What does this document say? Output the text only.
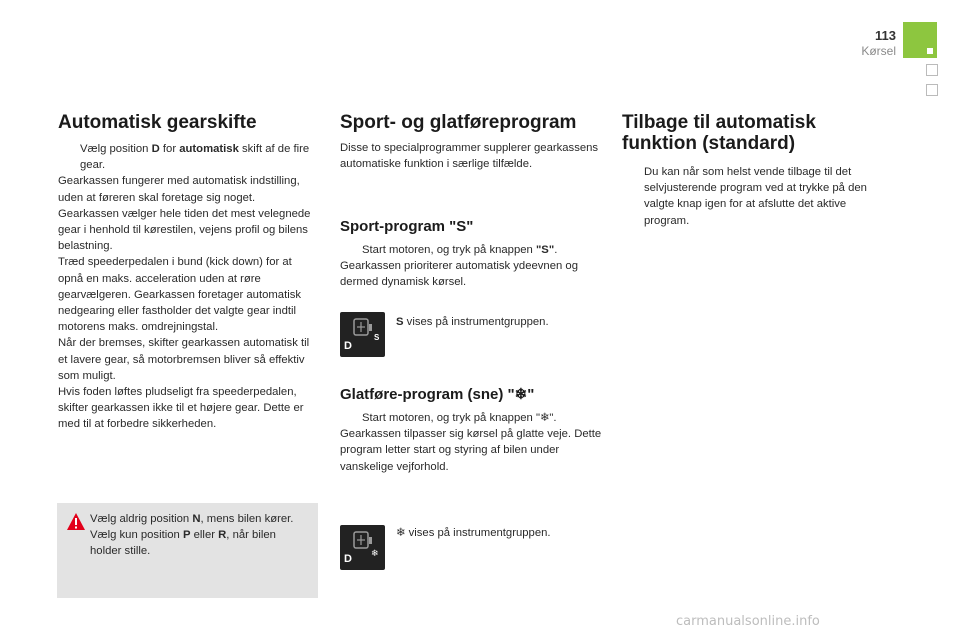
113
Kørsel
Automatisk gearskifte

Vælg position D for automatisk skift af de fire gear.

Gearkassen fungerer med automatisk indstilling, uden at føreren skal foretage sig noget. Gearkassen vælger hele tiden det mest velegnede gear i henhold til kørestilen, vejens profil og bilens belastning.
Træd speederpedalen i bund (kick down) for at opnå en maks. acceleration uden at røre gearvælgeren. Gearkassen foretager automatisk nedgearing eller fastholder det valgte gear indtil motorens maks. omdrejningstal.
Når der bremses, skifter gearkassen automatisk til et lavere gear, så motorbremsen bliver så effektiv som muligt.
Hvis foden løftes pludseligt fra speederpedalen, skifter gearkassen ikke til et højere gear. Dette er med til at forbedre sikkerheden.

Vælg aldrig position N, mens bilen kører.

Vælg kun position P eller R, når bilen holder stille.

Sport- og glatføreprogram

Disse to specialprogrammer supplerer gearkassens automatiske funktion i særlige tilfælde.

Sport-program "S"

Start motoren, og tryk på knappen "S".

Gearkassen prioriterer automatisk ydeevnen og dermed dynamisk kørsel.

D
S

S vises på instrumentgruppen.

Glatføre-program (sne) "❄"

Start motoren, og tryk på knappen "❄".

Gearkassen tilpasser sig kørsel på glatte veje. Dette program letter start og styring af bilen under vanskelige vejforhold.

D ❄

❄ vises på instrumentgruppen.

Tilbage til automatisk funktion (standard)

Du kan når som helst vende tilbage til det selvjusterende program ved at trykke på den valgte knap igen for at afslutte det aktive program.

carmanualsonline.info
